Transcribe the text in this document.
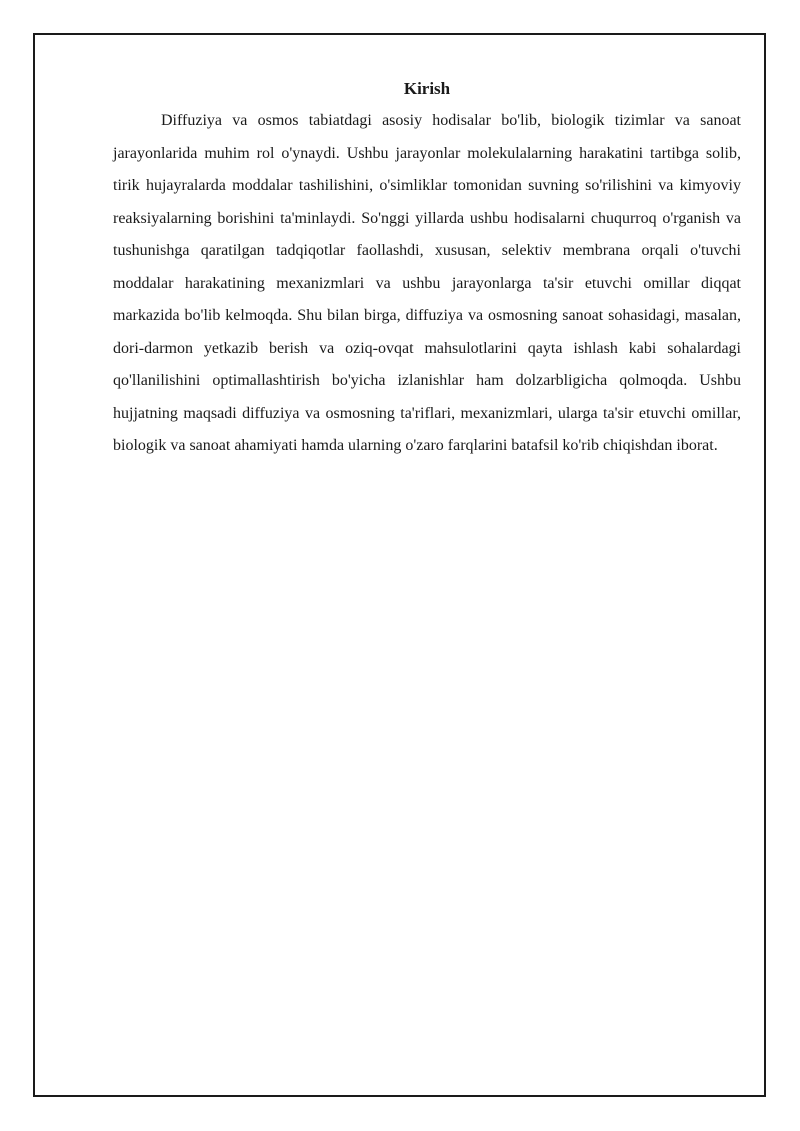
Kirish

Diffuziya va osmos tabiatdagi asosiy hodisalar bo'lib, biologik tizimlar va sanoat jarayonlarida muhim rol o'ynaydi. Ushbu jarayonlar molekulalarning harakatini tartibga solib, tirik hujayralarda moddalar tashilishini, o'simliklar tomonidan suvning so'rilishini va kimyoviy reaksiyalarning borishini ta'minlaydi. So'nggi yillarda ushbu hodisalarni chuqurroq o'rganish va tushunishga qaratilgan tadqiqotlar faollashdi, xususan, selektiv membrana orqali o'tuvchi moddalar harakatining mexanizmlari va ushbu jarayonlarga ta'sir etuvchi omillar diqqat markazida bo'lib kelmoqda. Shu bilan birga, diffuziya va osmosning sanoat sohasidagi, masalan, dori-darmon yetkazib berish va oziq-ovqat mahsulotlarini qayta ishlash kabi sohalardagi qo'llanilishini optimallashtirish bo'yicha izlanishlar ham dolzarbligicha qolmoqda. Ushbu hujjatning maqsadi diffuziya va osmosning ta'riflari, mexanizmlari, ularga ta'sir etuvchi omillar, biologik va sanoat ahamiyati hamda ularning o'zaro farqlarini batafsil ko'rib chiqishdan iborat.
